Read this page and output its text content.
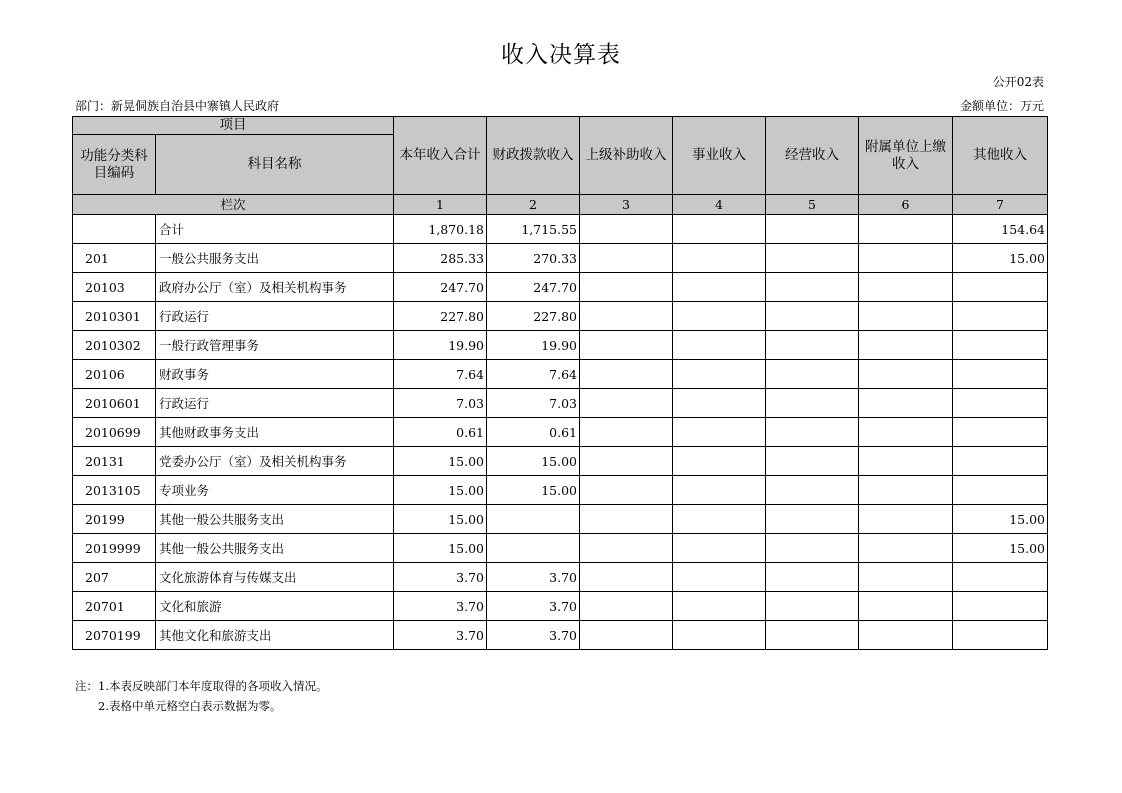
收入决算表
公开02表
部门：新晃侗族自治县中寨镇人民政府	金额单位：万元
项目		本年收入合计	财政拨款收入	上级补助收入	事业收入	经营收入	附属单位上缴收入	其他收入
功能分类科目编码	科目名称							
栏次		1	2	3	4	5	6	7
	合计	1,870.18	1,715.55					154.64
201	一般公共服务支出	285.33	270.33					15.00
20103	政府办公厅（室）及相关机构事务	247.70	247.70					
2010301	行政运行	227.80	227.80					
2010302	一般行政管理事务	19.90	19.90					
20106	财政事务	7.64	7.64					
2010601	行政运行	7.03	7.03					
2010699	其他财政事务支出	0.61	0.61					
20131	党委办公厅（室）及相关机构事务	15.00	15.00					
2013105	专项业务	15.00	15.00					
20199	其他一般公共服务支出	15.00						15.00
2019999	其他一般公共服务支出	15.00						15.00
207	文化旅游体育与传媒支出	3.70	3.70					
20701	文化和旅游	3.70	3.70					
2070199	其他文化和旅游支出	3.70	3.70					
注：1.本表反映部门本年度取得的各项收入情况。
2.表格中单元格空白表示数据为零。
